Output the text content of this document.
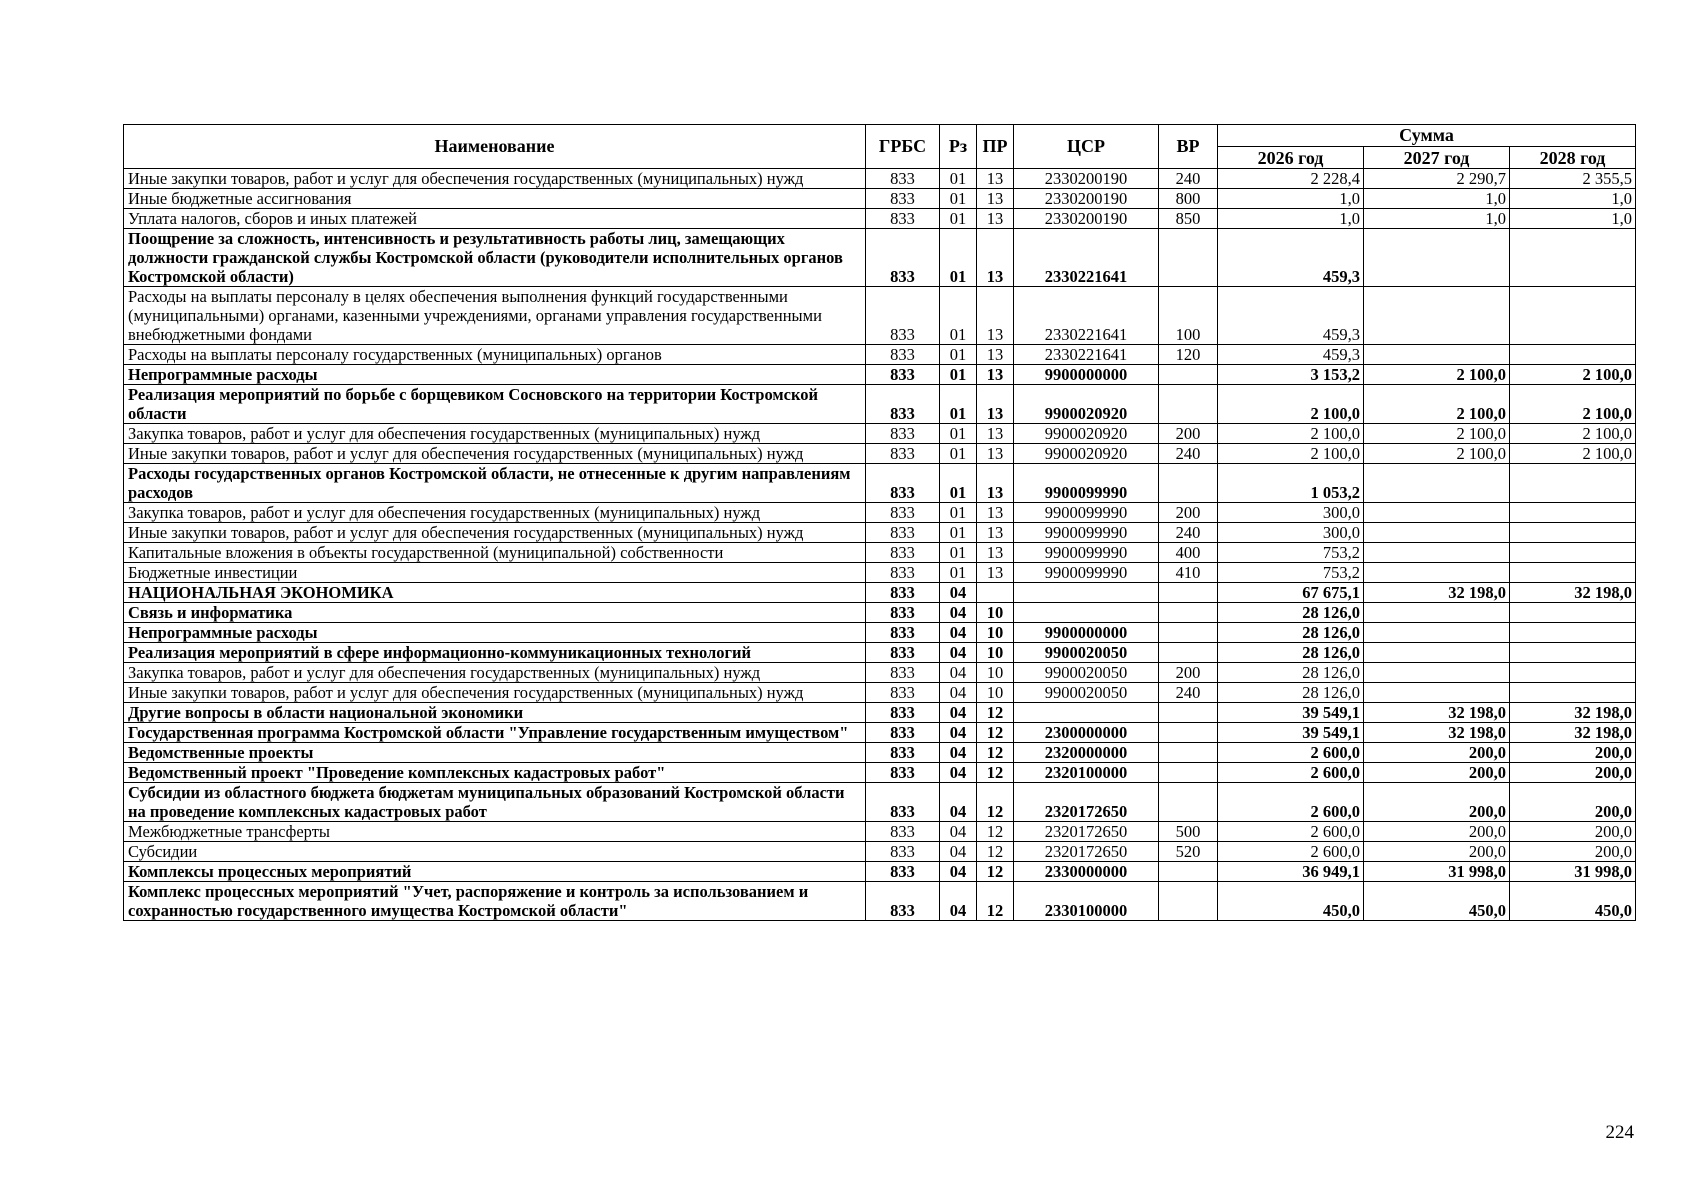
Наименование	ГРБС	Рз	ПР	ЦСР	ВР	Сумма		
						2026 год	2027 год	2028 год
Иные закупки товаров, работ и услуг для обеспечения государственных (муниципальных) нужд	833	01	13	2330200190	240	2 228,4	2 290,7	2 355,5
Иные бюджетные ассигнования	833	01	13	2330200190	800	1,0	1,0	1,0
Уплата налогов, сборов и иных платежей	833	01	13	2330200190	850	1,0	1,0	1,0
Поощрение за сложность, интенсивность и результативность работы лиц, замещающих должности гражданской службы Костромской области (руководители исполнительных органов Костромской области)	833	01	13	2330221641		459,3		
Расходы на выплаты персоналу в целях обеспечения выполнения функций государственными (муниципальными) органами, казенными учреждениями, органами управления государственными внебюджетными фондами	833	01	13	2330221641	100	459,3		
Расходы на выплаты персоналу государственных (муниципальных) органов	833	01	13	2330221641	120	459,3		
Непрограммные расходы	833	01	13	9900000000		3 153,2	2 100,0	2 100,0
Реализация мероприятий по борьбе с борщевиком Сосновского на территории Костромской области	833	01	13	9900020920		2 100,0	2 100,0	2 100,0
Закупка товаров, работ и услуг для обеспечения государственных (муниципальных) нужд	833	01	13	9900020920	200	2 100,0	2 100,0	2 100,0
Иные закупки товаров, работ и услуг для обеспечения государственных (муниципальных) нужд	833	01	13	9900020920	240	2 100,0	2 100,0	2 100,0
Расходы государственных органов Костромской области, не отнесенные к другим направлениям расходов	833	01	13	9900099990		1 053,2		
Закупка товаров, работ и услуг для обеспечения государственных (муниципальных) нужд	833	01	13	9900099990	200	300,0		
Иные закупки товаров, работ и услуг для обеспечения государственных (муниципальных) нужд	833	01	13	9900099990	240	300,0		
Капитальные вложения в объекты государственной (муниципальной) собственности	833	01	13	9900099990	400	753,2		
Бюджетные инвестиции	833	01	13	9900099990	410	753,2		
НАЦИОНАЛЬНАЯ ЭКОНОМИКА	833	04				67 675,1	32 198,0	32 198,0
Связь и информатика	833	04	10			28 126,0		
Непрограммные расходы	833	04	10	9900000000		28 126,0		
Реализация мероприятий в сфере информационно-коммуникационных технологий	833	04	10	9900020050		28 126,0		
Закупка товаров, работ и услуг для обеспечения государственных (муниципальных) нужд	833	04	10	9900020050	200	28 126,0		
Иные закупки товаров, работ и услуг для обеспечения государственных (муниципальных) нужд	833	04	10	9900020050	240	28 126,0		
Другие вопросы в области национальной экономики	833	04	12			39 549,1	32 198,0	32 198,0
Государственная программа Костромской области "Управление государственным имуществом"	833	04	12	2300000000		39 549,1	32 198,0	32 198,0
Ведомственные проекты	833	04	12	2320000000		2 600,0	200,0	200,0
Ведомственный проект "Проведение комплексных кадастровых работ"	833	04	12	2320100000		2 600,0	200,0	200,0
Субсидии из областного бюджета бюджетам муниципальных образований Костромской области на проведение комплексных кадастровых работ	833	04	12	2320172650		2 600,0	200,0	200,0
Межбюджетные трансферты	833	04	12	2320172650	500	2 600,0	200,0	200,0
Субсидии	833	04	12	2320172650	520	2 600,0	200,0	200,0
Комплексы процессных мероприятий	833	04	12	2330000000		36 949,1	31 998,0	31 998,0
Комплекс процессных мероприятий "Учет, распоряжение и контроль за использованием и сохранностью государственного имущества Костромской области"	833	04	12	2330100000		450,0	450,0	450,0
224
